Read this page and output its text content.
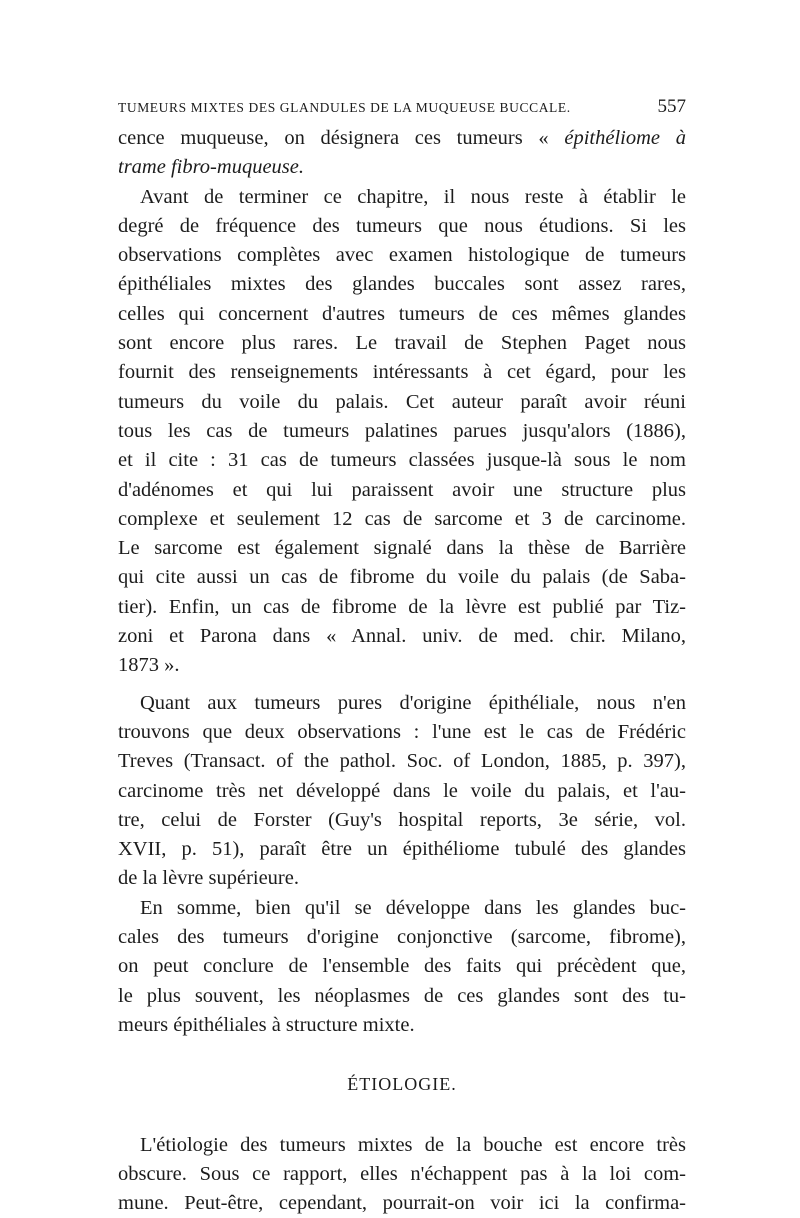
TUMEURS MIXTES DES GLANDULES DE LA MUQUEUSE BUCCALE.	557
cence muqueuse, on désignera ces tumeurs « épithéliome à
trame fibro-muqueuse.
Avant de terminer ce chapitre, il nous reste à établir le
degré de fréquence des tumeurs que nous étudions. Si les
observations complètes avec examen histologique de tumeurs
épithéliales mixtes des glandes buccales sont assez rares,
celles qui concernent d'autres tumeurs de ces mêmes glandes
sont encore plus rares. Le travail de Stephen Paget nous
fournit des renseignements intéressants à cet égard, pour les
tumeurs du voile du palais. Cet auteur paraît avoir réuni
tous les cas de tumeurs palatines parues jusqu'alors (1886),
et il cite : 31 cas de tumeurs classées jusque-là sous le nom
d'adénomes et qui lui paraissent avoir une structure plus
complexe et seulement 12 cas de sarcome et 3 de carcinome.
Le sarcome est également signalé dans la thèse de Barrière
qui cite aussi un cas de fibrome du voile du palais (de Saba-
tier). Enfin, un cas de fibrome de la lèvre est publié par Tiz-
zoni et Parona dans « Annal. univ. de med. chir. Milano,
1873 ».
Quant aux tumeurs pures d'origine épithéliale, nous n'en
trouvons que deux observations : l'une est le cas de Frédéric
Treves (Transact. of the pathol. Soc. of London, 1885, p. 397),
carcinome très net développé dans le voile du palais, et l'au-
tre, celui de Forster (Guy's hospital reports, 3e série, vol.
XVII, p. 51), paraît être un épithéliome tubulé des glandes
de la lèvre supérieure.
En somme, bien qu'il se développe dans les glandes buc-
cales des tumeurs d'origine conjonctive (sarcome, fibrome),
on peut conclure de l'ensemble des faits qui précèdent que,
le plus souvent, les néoplasmes de ces glandes sont des tu-
meurs épithéliales à structure mixte.
ÉTIOLOGIE.
L'étiologie des tumeurs mixtes de la bouche est encore très
obscure. Sous ce rapport, elles n'échappent pas à la loi com-
mune. Peut-être, cependant, pourrait-on voir ici la confirma-
